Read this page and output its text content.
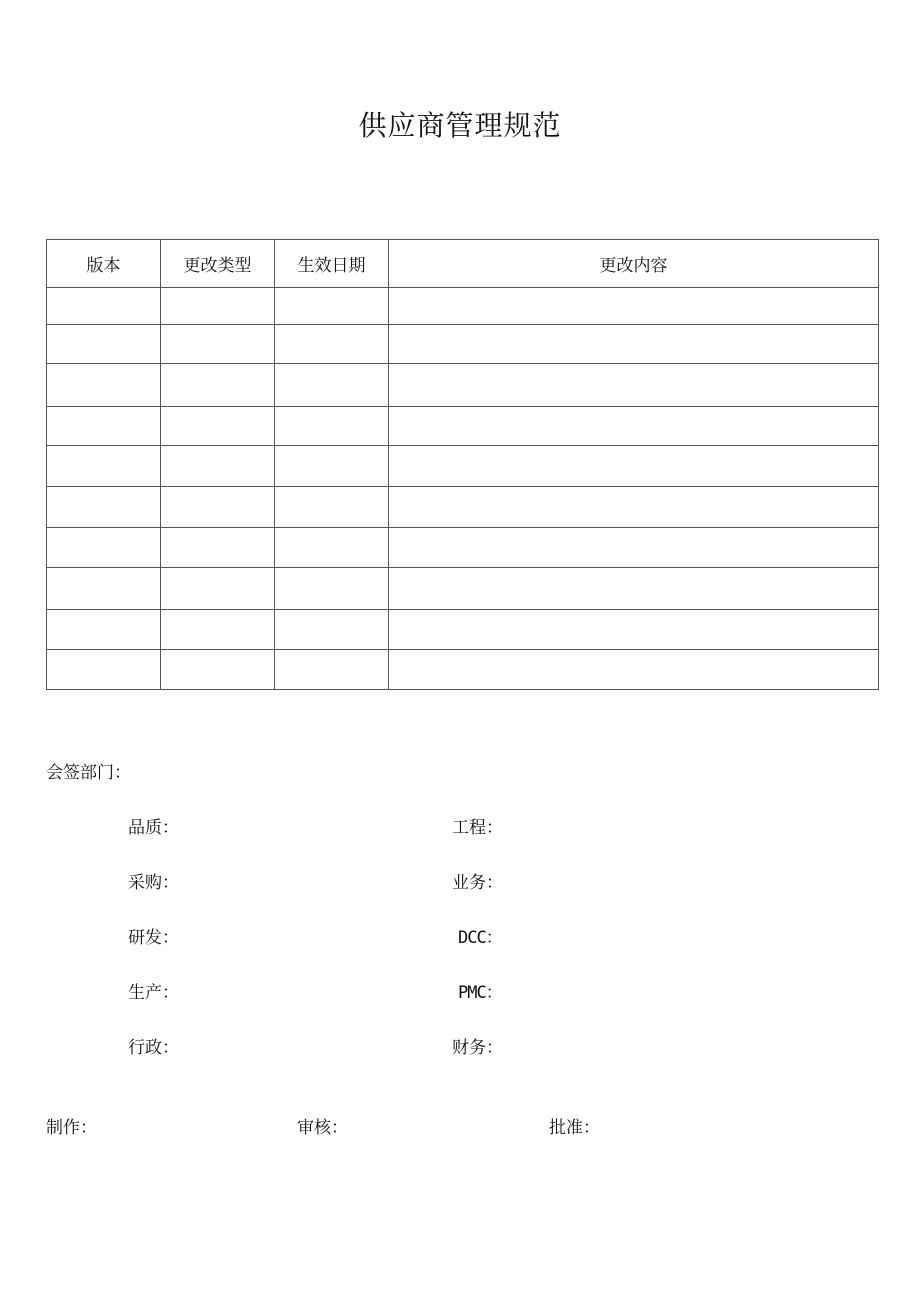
供应商管理规范
版本	更改类型	生效日期	更改内容

会签部门：
品质：	工程：
采购：	业务：
研发：	DCC：
生产：	PMC：
行政：	财务：
制作：	审核：	批准：
